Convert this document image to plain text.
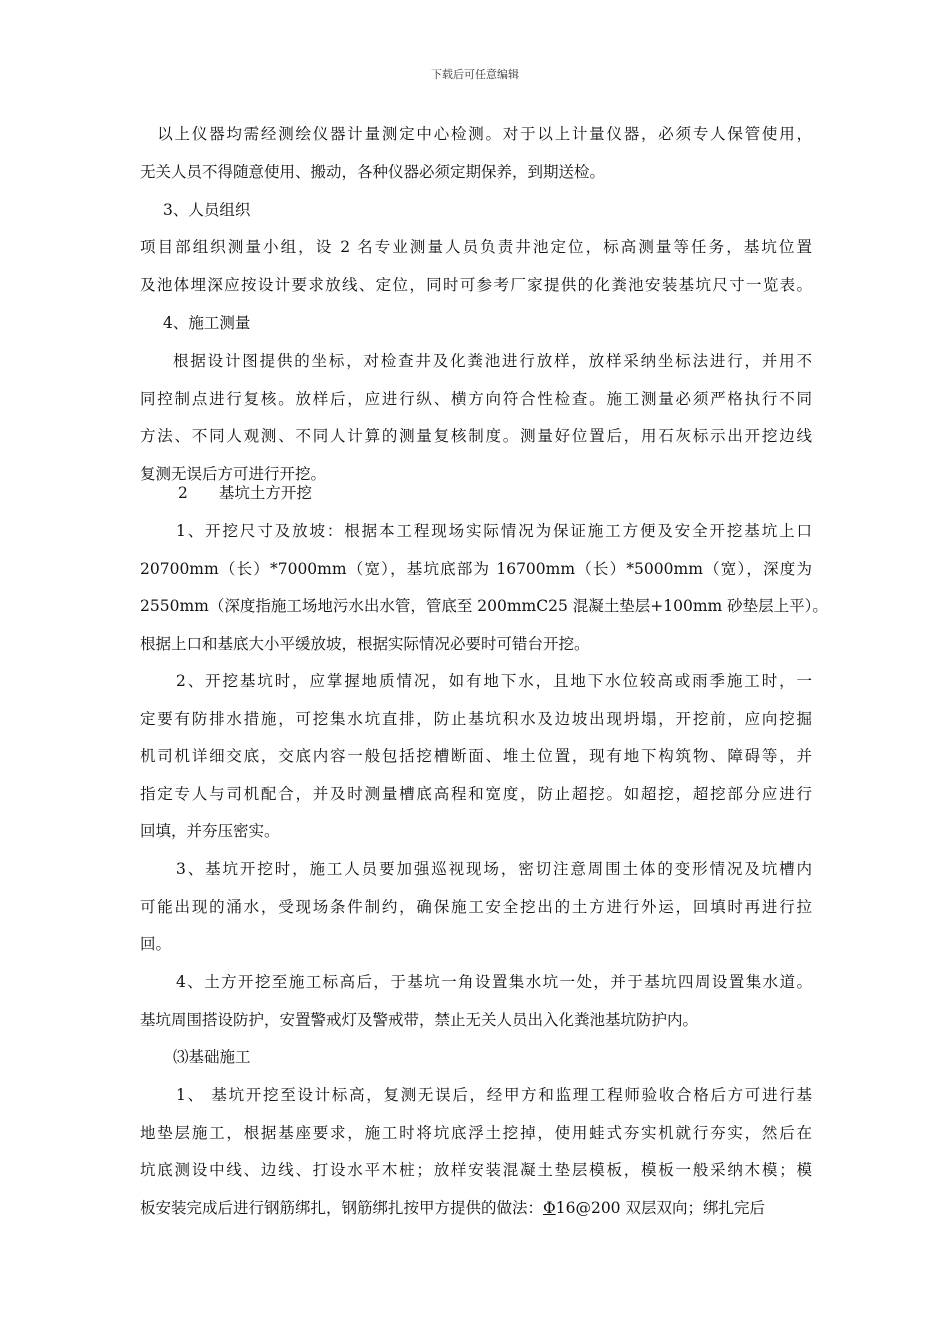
下载后可任意编辑
　以上仪器均需经测绘仪器计量测定中心检测。对于以上计量仪器，必须专人保管使用，
无关人员不得随意使用、搬动，各种仪器必须定期保养，到期送检。
3、人员组织
项目部组织测量小组，设 2 名专业测量人员负责井池定位，标高测量等任务，基坑位置
及池体埋深应按设计要求放线、定位，同时可参考厂家提供的化粪池安装基坑尺寸一览表。
4、施工测量
根据设计图提供的坐标，对检查井及化粪池进行放样，放样采纳坐标法进行，并用不
同控制点进行复核。放样后，应进行纵、横方向符合性检查。施工测量必须严格执行不同
方法、不同人观测、不同人计算的测量复核制度。测量好位置后，用石灰标示出开挖边线
复测无误后方可进行开挖。
2　　基坑土方开挖
1、开挖尺寸及放坡：根据本工程现场实际情况为保证施工方便及安全开挖基坑上口
20700mm（长）*7000mm（宽），基坑底部为 16700mm（长）*5000mm（宽），深度为
2550mm（深度指施工场地污水出水管，管底至 200mmC25 混凝土垫层+100mm 砂垫层上平）。
根据上口和基底大小平缓放坡，根据实际情况必要时可错台开挖。
2、开挖基坑时，应掌握地质情况，如有地下水，且地下水位较高或雨季施工时，一
定要有防排水措施，可挖集水坑直排，防止基坑积水及边坡出现坍塌，开挖前，应向挖掘
机司机详细交底，交底内容一般包括挖槽断面、堆土位置，现有地下构筑物、障碍等，并
指定专人与司机配合，并及时测量槽底高程和宽度，防止超挖。如超挖，超挖部分应进行
回填，并夯压密实。
3、基坑开挖时，施工人员要加强巡视现场，密切注意周围土体的变形情况及坑槽内
可能出现的涌水，受现场条件制约，确保施工安全挖出的土方进行外运，回填时再进行拉
回。
4、土方开挖至施工标高后，于基坑一角设置集水坑一处，并于基坑四周设置集水道。
基坑周围搭设防护，安置警戒灯及警戒带，禁止无关人员出入化粪池基坑防护内。
⑶基础施工
1、 基坑开挖至设计标高，复测无误后，经甲方和监理工程师验收合格后方可进行基
地垫层施工，根据基座要求，施工时将坑底浮土挖掉，使用蛙式夯实机就行夯实，然后在
坑底测设中线、边线、打设水平木桩；放样安装混凝土垫层模板，模板一般采纳木模；模
板安装完成后进行钢筋绑扎，钢筋绑扎按甲方提供的做法：Φ16@200 双层双向；绑扎完后
